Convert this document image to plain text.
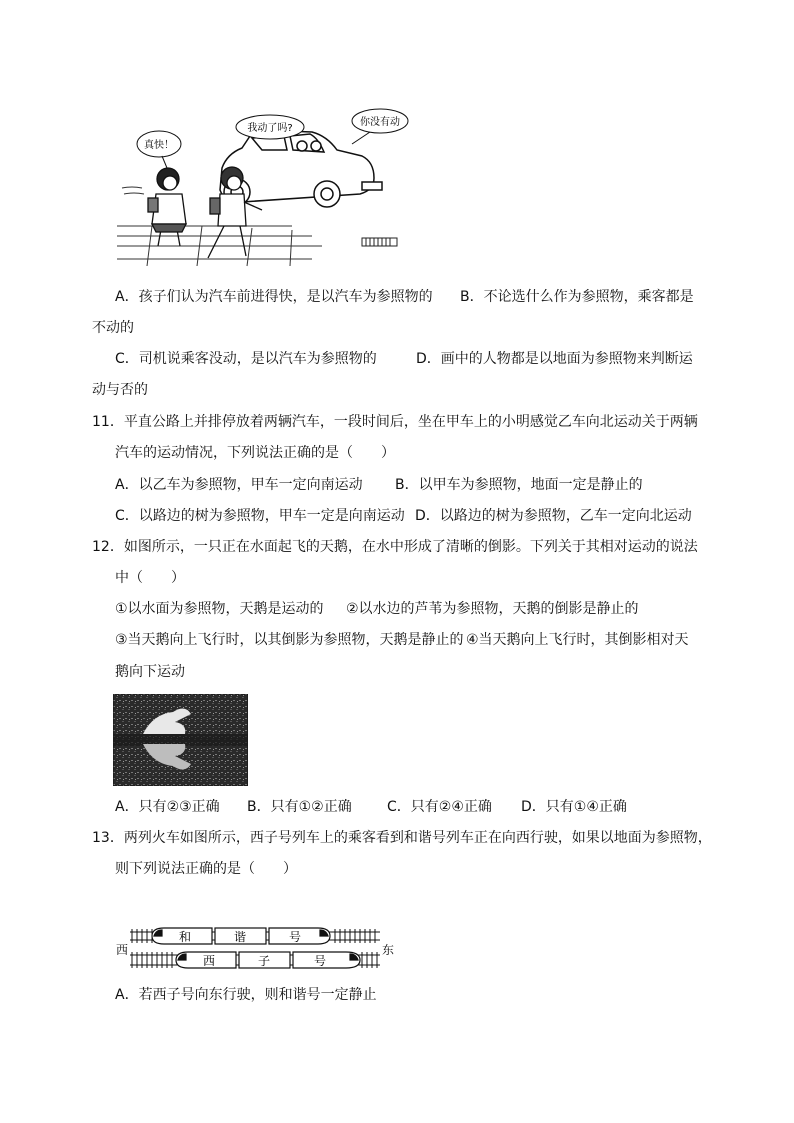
真快！
我动了吗?
你没有动
A．孩子们认为汽车前进得快，是以汽车为参照物的 B．不论选什么作为参照物，乘客都是
不动的
C．司机说乘客没动，是以汽车为参照物的	D．画中的人物都是以地面为参照物来判断运
动与否的
11．平直公路上并排停放着两辆汽车，一段时间后，坐在甲车上的小明感觉乙车向北运动关于两辆
汽车的运动情况，下列说法正确的是（　　）
A．以乙车为参照物，甲车一定向南运动 B．以甲车为参照物，地面一定是静止的
C．以路边的树为参照物，甲车一定是向南运动 D．以路边的树为参照物，乙车一定向北运动
12．如图所示，一只正在水面起飞的天鹅，在水中形成了清晰的倒影。下列关于其相对运动的说法
中（　　）
①以水面为参照物，天鹅是运动的 ②以水边的芦苇为参照物，天鹅的倒影是静止的
③当天鹅向上飞行时，以其倒影为参照物，天鹅是静止的 ④当天鹅向上飞行时，其倒影相对天
鹅向下运动
A．只有②③正确 B．只有①②正确	C．只有②④正确 D．只有①④正确
13．两列火车如图所示，西子号列车上的乘客看到和谐号列车正在向西行驶，如果以地面为参照物，
则下列说法正确的是（　　）
西	东
和	谐	号
西	子	号
A．若西子号向东行驶，则和谐号一定静止
